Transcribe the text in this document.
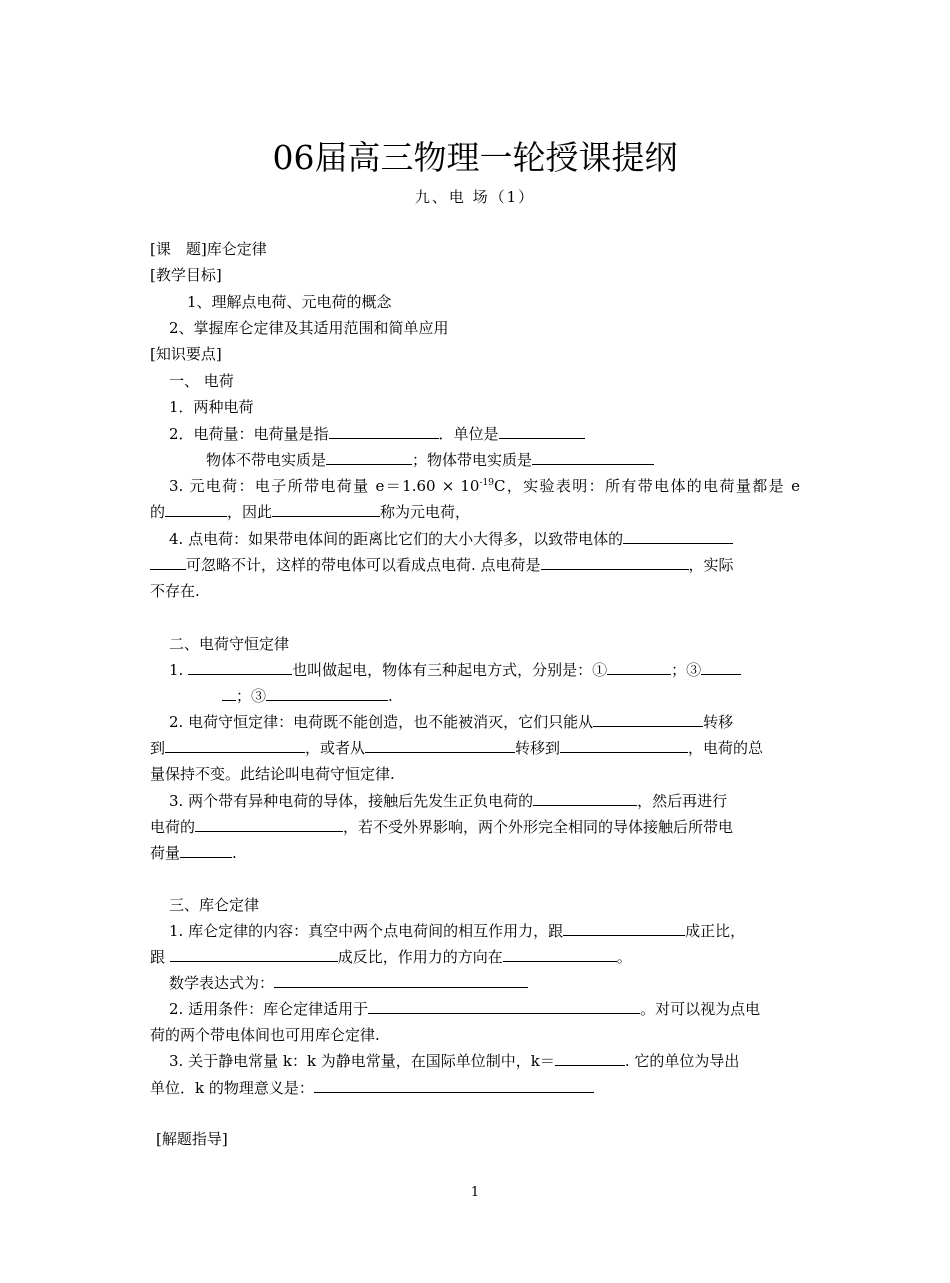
06届高三物理一轮授课提纲
九、电 场（1）
[课　题]库仑定律
[教学目标]
1、理解点电荷、元电荷的概念
2、掌握库仑定律及其适用范围和简单应用
[知识要点]
一、 电荷
1．两种电荷
2．电荷量：电荷量是指	．单位是
物体不带电实质是	；物体带电实质是
3. 元电荷：电子所带电荷量 $e=1.60 \times 10^{-19}C$，实验表明：所有带电体的电荷量都是 e
的	，因此	称为元电荷，
4. 点电荷：如果带电体间的距离比它们的大小大得多，以致带电体的
可忽略不计，这样的带电体可以看成点电荷. 点电荷是	，实际
不存在.
二、电荷守恒定律
1.	也叫做起电，物体有三种起电方式，分别是：①	；③
；③	.
2. 电荷守恒定律：电荷既不能创造，也不能被消灭，它们只能从	转移
到	，或者从	转移到	，电荷的总
量保持不变。此结论叫电荷守恒定律.
3. 两个带有异种电荷的导体，接触后先发生正负电荷的	，然后再进行
电荷的	，若不受外界影响，两个外形完全相同的导体接触后所带电
荷量	.
三、库仑定律
1. 库仑定律的内容：真空中两个点电荷间的相互作用力，跟	成正比，
跟	成反比，作用力的方向在	。
数学表达式为：
2. 适用条件：库仑定律适用于	。对可以视为点电
荷的两个带电体间也可用库仑定律.
3. 关于静电常量 k：k 为静电常量，在国际单位制中，k＝	. 它的单位为导出
单位．k 的物理意义是：
[解题指导]
1
